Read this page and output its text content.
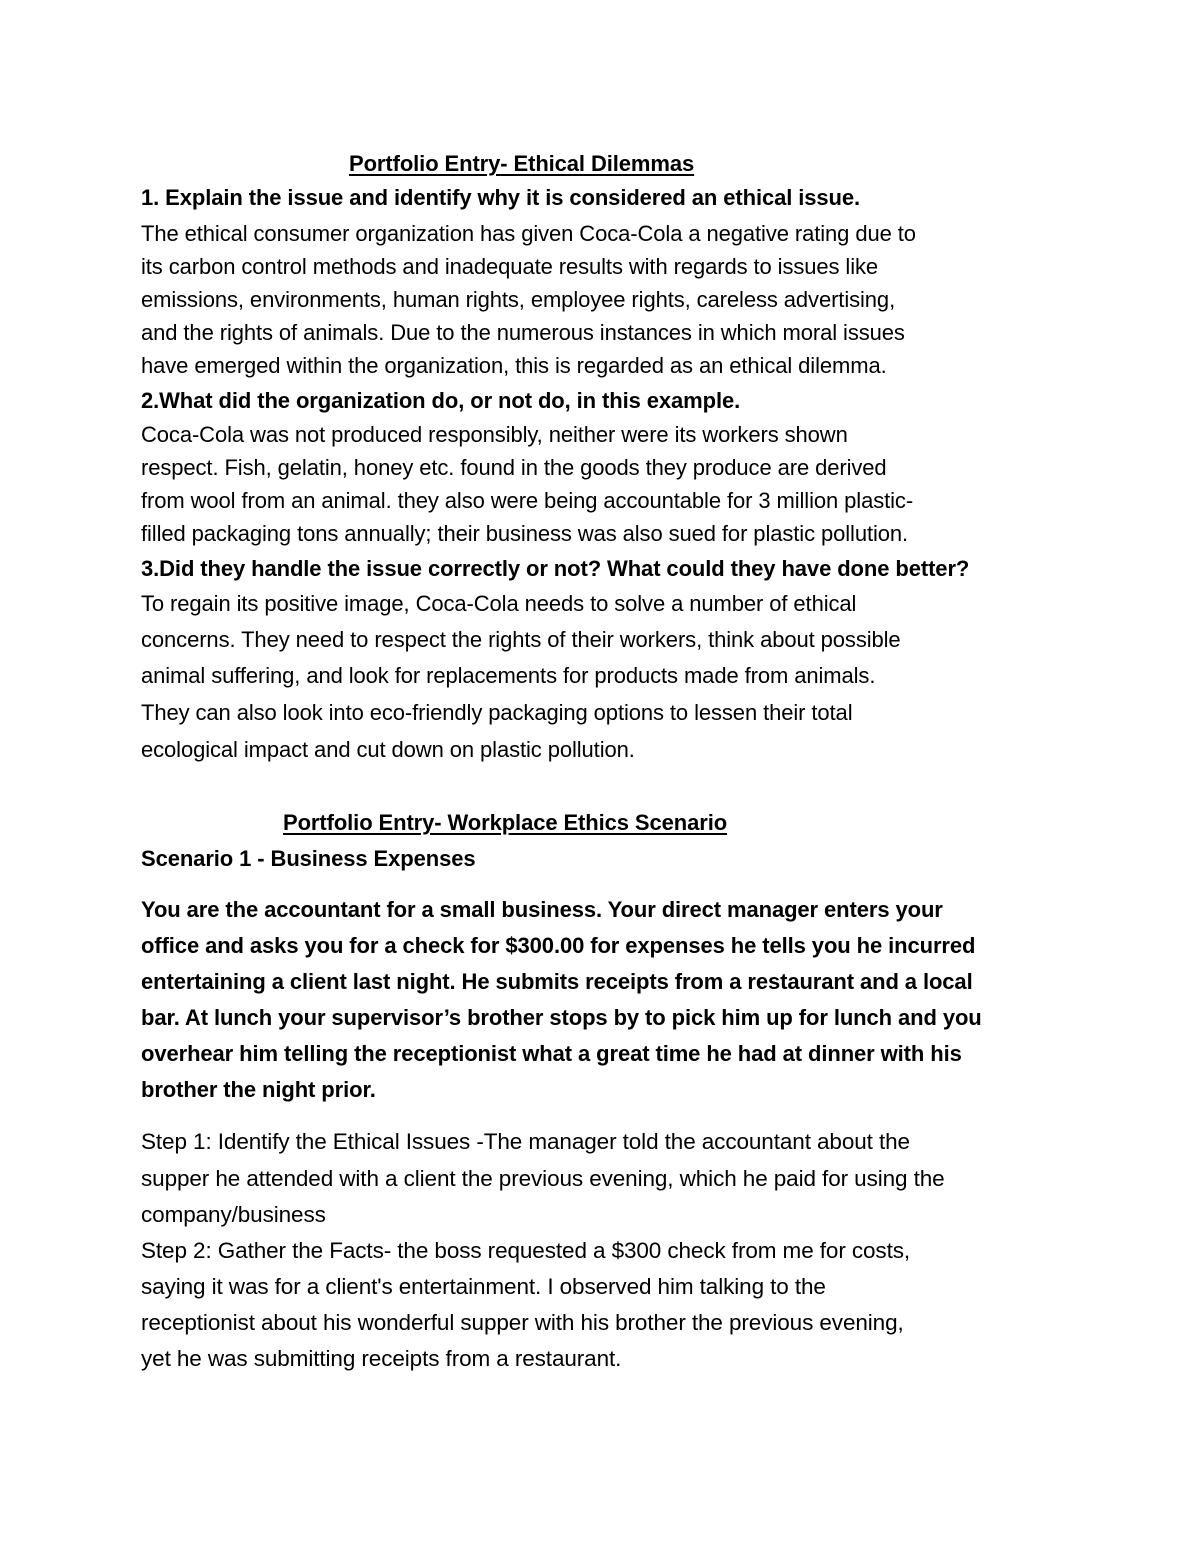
Portfolio Entry- Ethical Dilemmas
1. Explain the issue and identify why it is considered an ethical issue.
The ethical consumer organization has given Coca-Cola a negative rating due to
its carbon control methods and inadequate results with regards to issues like
emissions, environments, human rights, employee rights, careless advertising,
and the rights of animals. Due to the numerous instances in which moral issues
have emerged within the organization, this is regarded as an ethical dilemma.
2.What did the organization do, or not do, in this example.
Coca-Cola was not produced responsibly, neither were its workers shown
respect. Fish, gelatin, honey etc. found in the goods they produce are derived
from wool from an animal. they also were being accountable for 3 million plastic-
filled packaging tons annually; their business was also sued for plastic pollution.
3.Did they handle the issue correctly or not? What could they have done better?
To regain its positive image, Coca-Cola needs to solve a number of ethical
concerns. They need to respect the rights of their workers, think about possible
animal suffering, and look for replacements for products made from animals.
They can also look into eco-friendly packaging options to lessen their total
ecological impact and cut down on plastic pollution.
Portfolio Entry- Workplace Ethics Scenario
Scenario 1 - Business Expenses
You are the accountant for a small business. Your direct manager enters your
office and asks you for a check for $300.00 for expenses he tells you he incurred
entertaining a client last night. He submits receipts from a restaurant and a local
bar. At lunch your supervisor’s brother stops by to pick him up for lunch and you
overhear him telling the receptionist what a great time he had at dinner with his
brother the night prior.
Step 1: Identify the Ethical Issues -The manager told the accountant about the
supper he attended with a client the previous evening, which he paid for using the
company/business
Step 2: Gather the Facts- the boss requested a $300 check from me for costs,
saying it was for a client's entertainment. I observed him talking to the
receptionist about his wonderful supper with his brother the previous evening,
yet he was submitting receipts from a restaurant.
